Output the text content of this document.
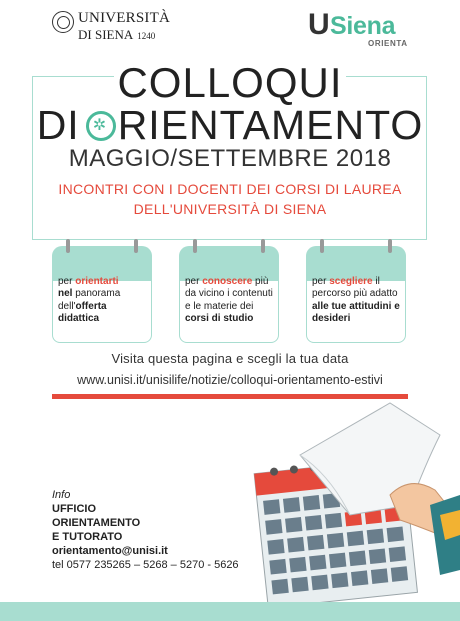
UNIVERSITÀ
DI SIENA 1240	U Siena
ORIENTA
COLLOQUI
DI ✲ RIENTAMENTO
MAGGIO/SETTEMBRE 2018
INCONTRI CON I DOCENTI DEI CORSI DI LAUREA
DELL'UNIVERSITÀ DI SIENA
per orientarti
nel panorama dell'offerta didattica
per conoscere più da vicino i contenuti e le materie dei corsi di studio
per scegliere il percorso più adatto alle tue attitudini e desideri
Visita questa pagina e scegli la tua data
www.unisi.it/unisilife/notizie/colloqui-orientamento-estivi
Info
UFFICIO
ORIENTAMENTO
E TUTORATO
orientamento@unisi.it
tel 0577 235265 – 5268 – 5270 - 5626
